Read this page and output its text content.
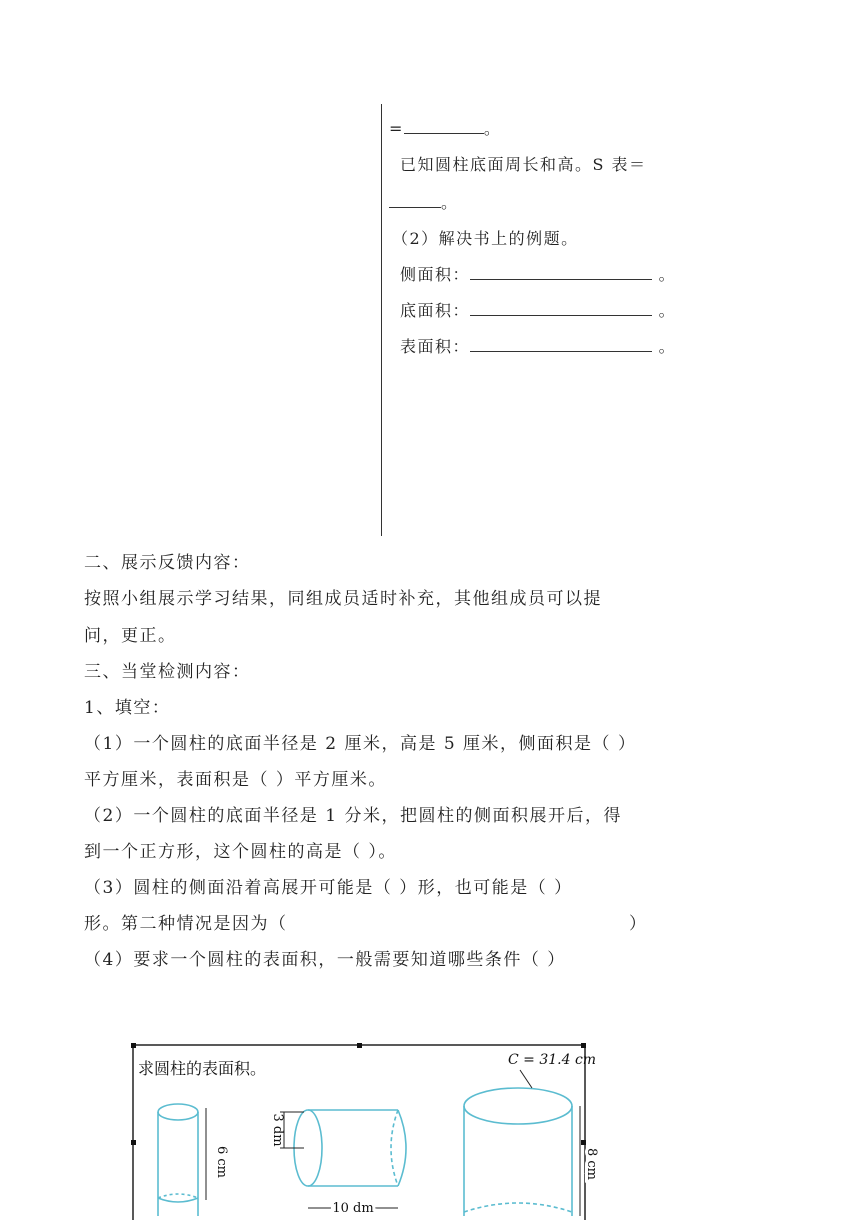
=	。
已知圆柱底面周长和高。S 表＝
。
（2）解决书上的例题。
侧面积：	。
底面积：	。
表面积：	。
二、展示反馈内容：
按照小组展示学习结果，同组成员适时补充，其他组成员可以提
问，更正。
三、当堂检测内容：
1、填空：
（1）一个圆柱的底面半径是 2 厘米，高是 5 厘米，侧面积是（ ）
平方厘米，表面积是（ ）平方厘米。
（2）一个圆柱的底面半径是 1 分米，把圆柱的侧面积展开后，得
到一个正方形，这个圆柱的高是（ ）。
（3）圆柱的侧面沿着高展开可能是（ ）形，也可能是（ ）
形。第二种情况是因为（	）
（4）要求一个圆柱的表面积，一般需要知道哪些条件（ ）
求圆柱的表面积。
6 cm
3 dm
10 dm
C = 31.4 cm
8 cm
